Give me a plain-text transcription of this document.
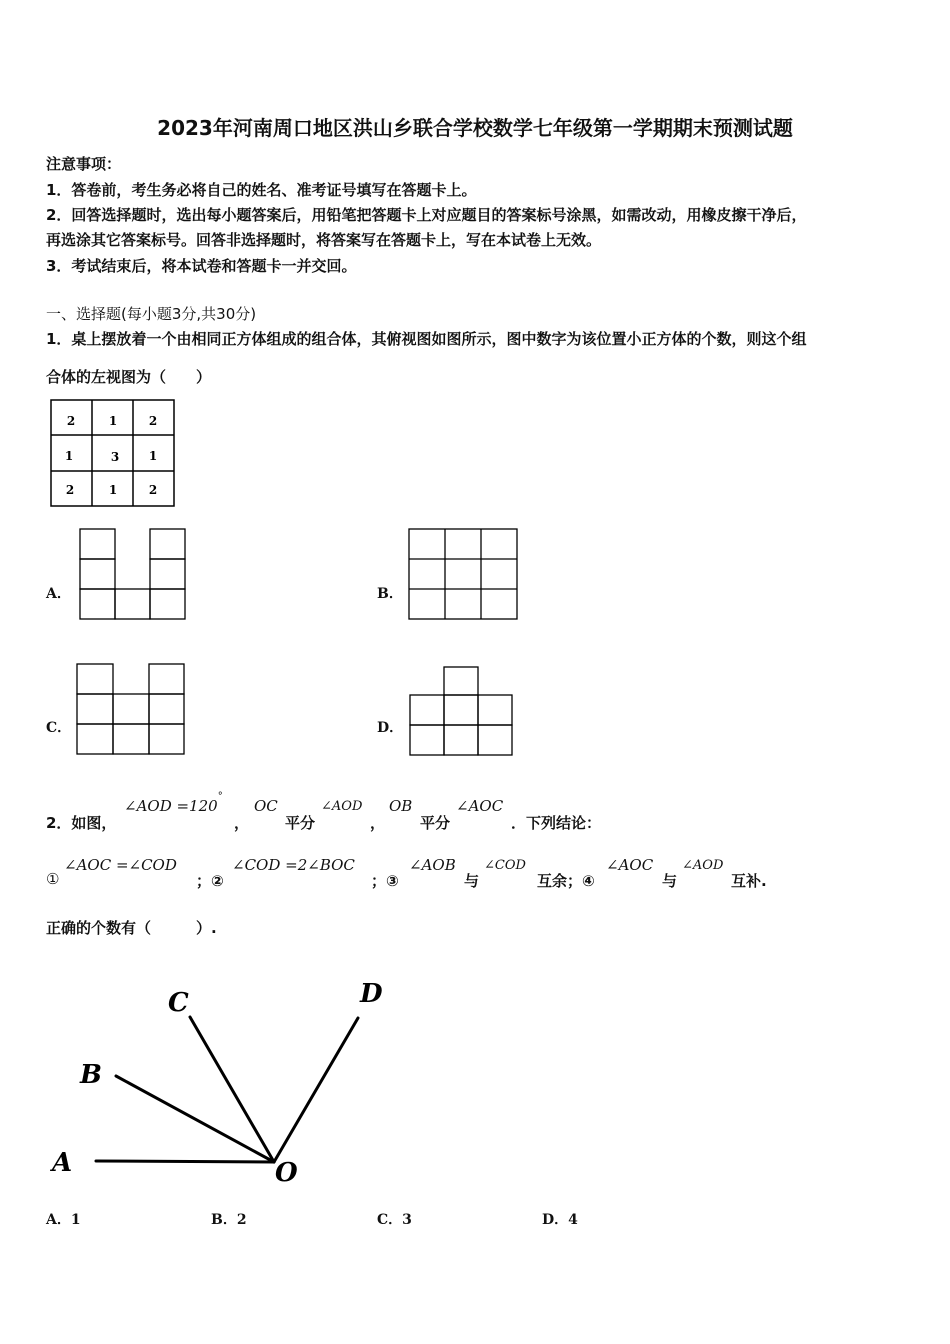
2023年河南周口地区洪山乡联合学校数学七年级第一学期期末预测试题
注意事项：
1．答卷前，考生务必将自己的姓名、准考证号填写在答题卡上。
2．回答选择题时，选出每小题答案后，用铅笔把答题卡上对应题目的答案标号涂黑，如需改动，用橡皮擦干净后，
再选涂其它答案标号。回答非选择题时，将答案写在答题卡上，写在本试卷上无效。
3．考试结束后，将本试卷和答题卡一并交回。
一、选择题(每小题3分,共30分)
1．桌上摆放着一个由相同正方体组成的组合体，其俯视图如图所示，图中数字为该位置小正方体的个数，则这个组
合体的左视图为（　　）
2	1	2
1	3 1
2	1	2
A．	B．
C．	D．
2．如图，
∠AOD =120°
，
OC
平分
∠AOD
，
OB
平分
∠AOC
．下列结论：
①
∠AOC =∠COD
；②
∠COD =2∠BOC
；③
∠AOB
与
∠COD
互余；④
∠AOC
与
∠AOD
互补.
正确的个数有（　　　）.
A
B
C	D
O
A．1	B．2	C．3	D．4
